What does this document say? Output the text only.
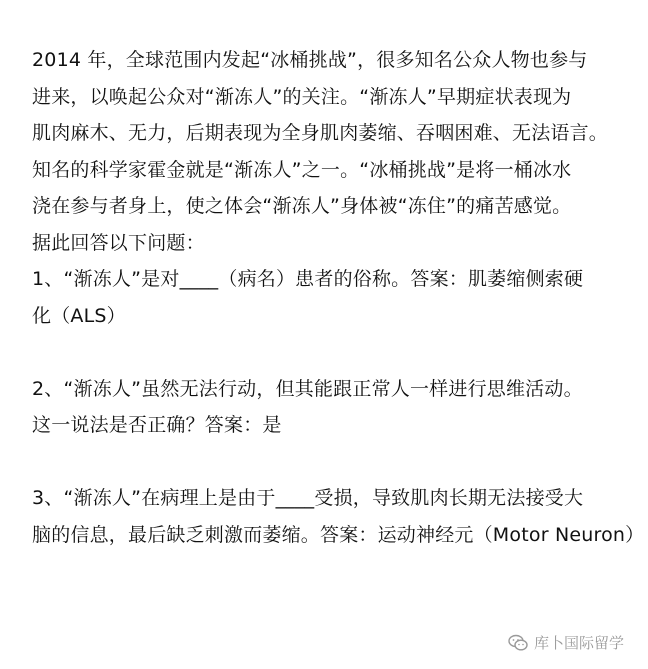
2014 年，全球范围内发起“冰桶挑战”，很多知名公众人物也参与
进来，以唤起公众对“渐冻人”的关注。“渐冻人”早期症状表现为
肌肉麻木、无力，后期表现为全身肌肉萎缩、吞咽困难、无法语言。
知名的科学家霍金就是“渐冻人”之一。“冰桶挑战”是将一桶冰水
浇在参与者身上，使之体会“渐冻人”身体被“冻住”的痛苦感觉。
据此回答以下问题：
1、“渐冻人”是对____（病名）患者的俗称。答案：肌萎缩侧索硬
化（ALS）
2、“渐冻人”虽然无法行动，但其能跟正常人一样进行思维活动。
这一说法是否正确？答案：是
3、“渐冻人”在病理上是由于____受损，导致肌肉长期无法接受大
脑的信息，最后缺乏刺激而萎缩。答案：运动神经元（Motor Neuron）
库卜国际留学
